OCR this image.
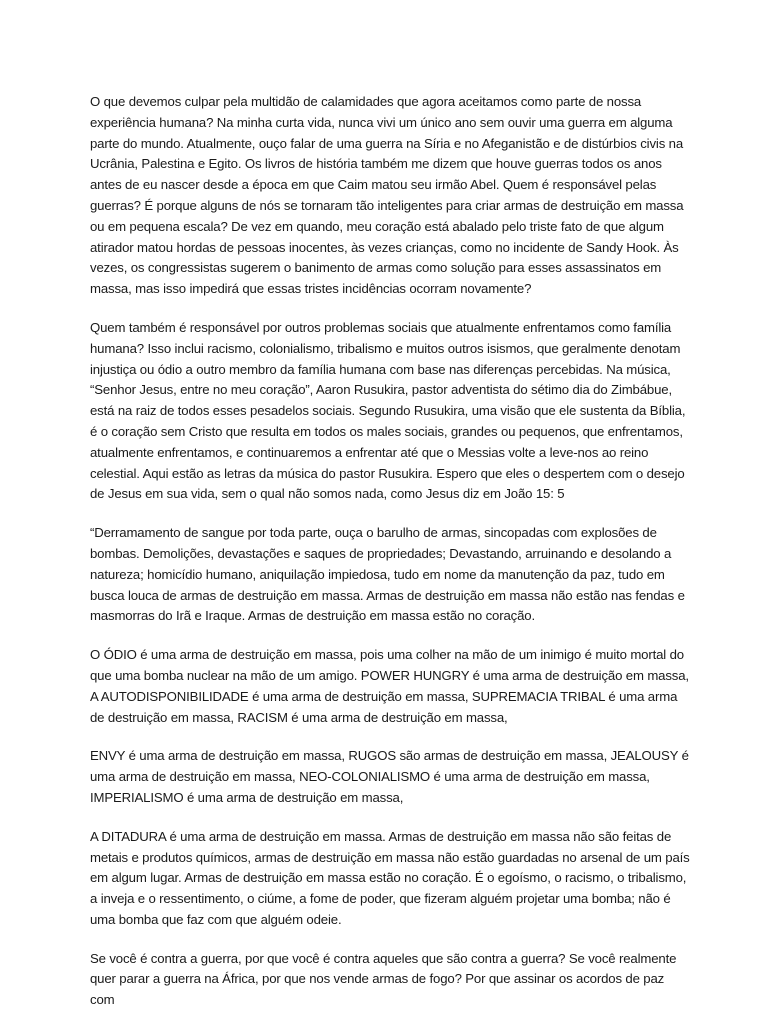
O que devemos culpar pela multidão de calamidades que agora aceitamos como parte de nossa experiência humana? Na minha curta vida, nunca vivi um único ano sem ouvir uma guerra em alguma parte do mundo. Atualmente, ouço falar de uma guerra na Síria e no Afeganistão e de distúrbios civis na Ucrânia, Palestina e Egito. Os livros de história também me dizem que houve guerras todos os anos antes de eu nascer desde a época em que Caim matou seu irmão Abel. Quem é responsável pelas guerras? É porque alguns de nós se tornaram tão inteligentes para criar armas de destruição em massa ou em pequena escala? De vez em quando, meu coração está abalado pelo triste fato de que algum atirador matou hordas de pessoas inocentes, às vezes crianças, como no incidente de Sandy Hook. Às vezes, os congressistas sugerem o banimento de armas como solução para esses assassinatos em massa, mas isso impedirá que essas tristes incidências ocorram novamente?

Quem também é responsável por outros problemas sociais que atualmente enfrentamos como família humana? Isso inclui racismo, colonialismo, tribalismo e muitos outros isismos, que geralmente denotam injustiça ou ódio a outro membro da família humana com base nas diferenças percebidas. Na música, “Senhor Jesus, entre no meu coração”, Aaron Rusukira, pastor adventista do sétimo dia do Zimbábue, está na raiz de todos esses pesadelos sociais. Segundo Rusukira, uma visão que ele sustenta da Bíblia, é o coração sem Cristo que resulta em todos os males sociais, grandes ou pequenos, que enfrentamos, atualmente enfrentamos, e continuaremos a enfrentar até que o Messias volte a leve-nos ao reino celestial. Aqui estão as letras da música do pastor Rusukira. Espero que eles o despertem com o desejo de Jesus em sua vida, sem o qual não somos nada, como Jesus diz em João 15: 5

“Derramamento de sangue por toda parte, ouça o barulho de armas, sincopadas com explosões de bombas. Demolições, devastações e saques de propriedades; Devastando, arruinando e desolando a natureza; homicídio humano, aniquilação impiedosa, tudo em nome da manutenção da paz, tudo em busca louca de armas de destruição em massa. Armas de destruição em massa não estão nas fendas e masmorras do Irã e Iraque. Armas de destruição em massa estão no coração.

O ÓDIO é uma arma de destruição em massa, pois uma colher na mão de um inimigo é muito mortal do que uma bomba nuclear na mão de um amigo. POWER HUNGRY é uma arma de destruição em massa, A AUTODISPONIBILIDADE é uma arma de destruição em massa, SUPREMACIA TRIBAL é uma arma de destruição em massa, RACISM é uma arma de destruição em massa,

ENVY é uma arma de destruição em massa, RUGOS são armas de destruição em massa, JEALOUSY é uma arma de destruição em massa, NEO-COLONIALISMO é uma arma de destruição em massa, IMPERIALISMO é uma arma de destruição em massa,

A DITADURA é uma arma de destruição em massa. Armas de destruição em massa não são feitas de metais e produtos químicos, armas de destruição em massa não estão guardadas no arsenal de um país em algum lugar. Armas de destruição em massa estão no coração. É o egoísmo, o racismo, o tribalismo, a inveja e o ressentimento, o ciúme, a fome de poder, que fizeram alguém projetar uma bomba; não é uma bomba que faz com que alguém odeie.

Se você é contra a guerra, por que você é contra aqueles que são contra a guerra? Se você realmente quer parar a guerra na África, por que nos vende armas de fogo? Por que assinar os acordos de paz com
